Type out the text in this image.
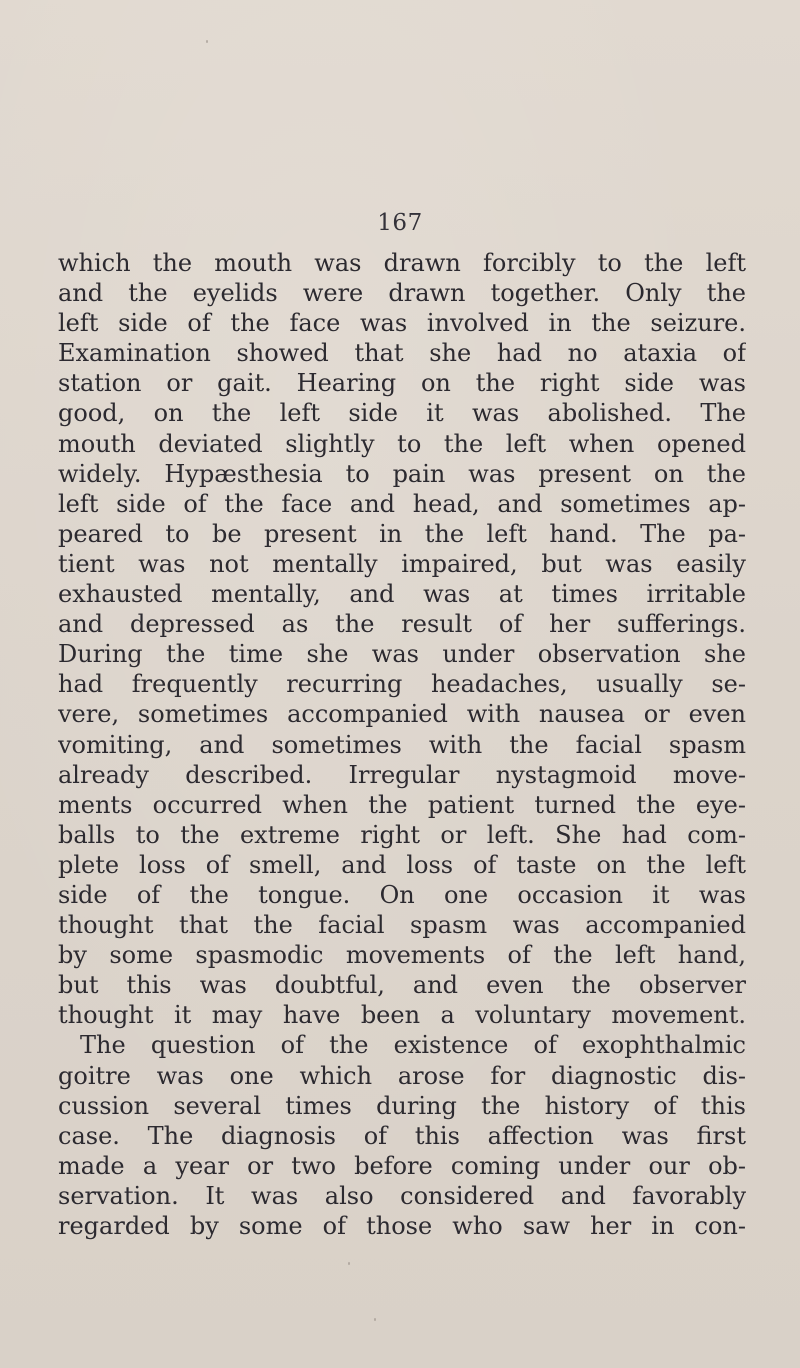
167
which the mouth was drawn forcibly to the left
and the eyelids were drawn together. Only the
left side of the face was involved in the seizure.
Examination showed that she had no ataxia of
station or gait. Hearing on the right side was
good, on the left side it was abolished. The
mouth deviated slightly to the left when opened
widely. Hypæsthesia to pain was present on the
left side of the face and head, and sometimes ap-
peared to be present in the left hand. The pa-
tient was not mentally impaired, but was easily
exhausted mentally, and was at times irritable
and depressed as the result of her sufferings.
During the time she was under observation she
had frequently recurring headaches, usually se-
vere, sometimes accompanied with nausea or even
vomiting, and sometimes with the facial spasm
already described. Irregular nystagmoid move-
ments occurred when the patient turned the eye-
balls to the extreme right or left. She had com-
plete loss of smell, and loss of taste on the left
side of the tongue. On one occasion it was
thought that the facial spasm was accompanied
by some spasmodic movements of the left hand,
but this was doubtful, and even the observer
thought it may have been a voluntary movement.
The question of the existence of exophthalmic
goitre was one which arose for diagnostic dis-
cussion several times during the history of this
case. The diagnosis of this affection was first
made a year or two before coming under our ob-
servation. It was also considered and favorably
regarded by some of those who saw her in con-
